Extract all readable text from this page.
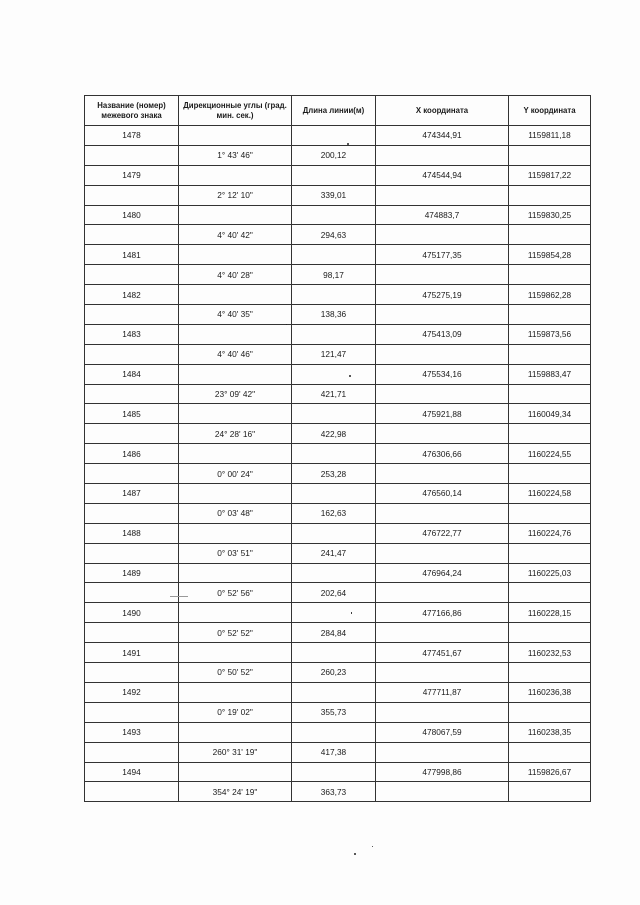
Название (номер) межевого знака	Дирекционные углы (град. мин. сек.)	Длина линии(м)	X координата	Y координата
1478			474344,91	1159811,18
	1° 43' 46"	200,12		
1479			474544,94	1159817,22
	2° 12' 10"	339,01		
1480			474883,7	1159830,25
	4° 40' 42"	294,63		
1481			475177,35	1159854,28
	4° 40' 28"	98,17		
1482			475275,19	1159862,28
	4° 40' 35"	138,36		
1483			475413,09	1159873,56
	4° 40' 46"	121,47		
1484			475534,16	1159883,47
	23° 09' 42"	421,71		
1485			475921,88	1160049,34
	24° 28' 16"	422,98		
1486			476306,66	1160224,55
	0° 00' 24"	253,28		
1487			476560,14	1160224,58
	0° 03' 48"	162,63		
1488			476722,77	1160224,76
	0° 03' 51"	241,47		
1489			476964,24	1160225,03
	0° 52' 56"	202,64		
1490			477166,86	1160228,15
	0° 52' 52"	284,84		
1491			477451,67	1160232,53
	0° 50' 52"	260,23		
1492			477711,87	1160236,38
	0° 19' 02"	355,73		
1493			478067,59	1160238,35
	260° 31' 19"	417,38		
1494			477998,86	1159826,67
	354° 24' 19"	363,73		
